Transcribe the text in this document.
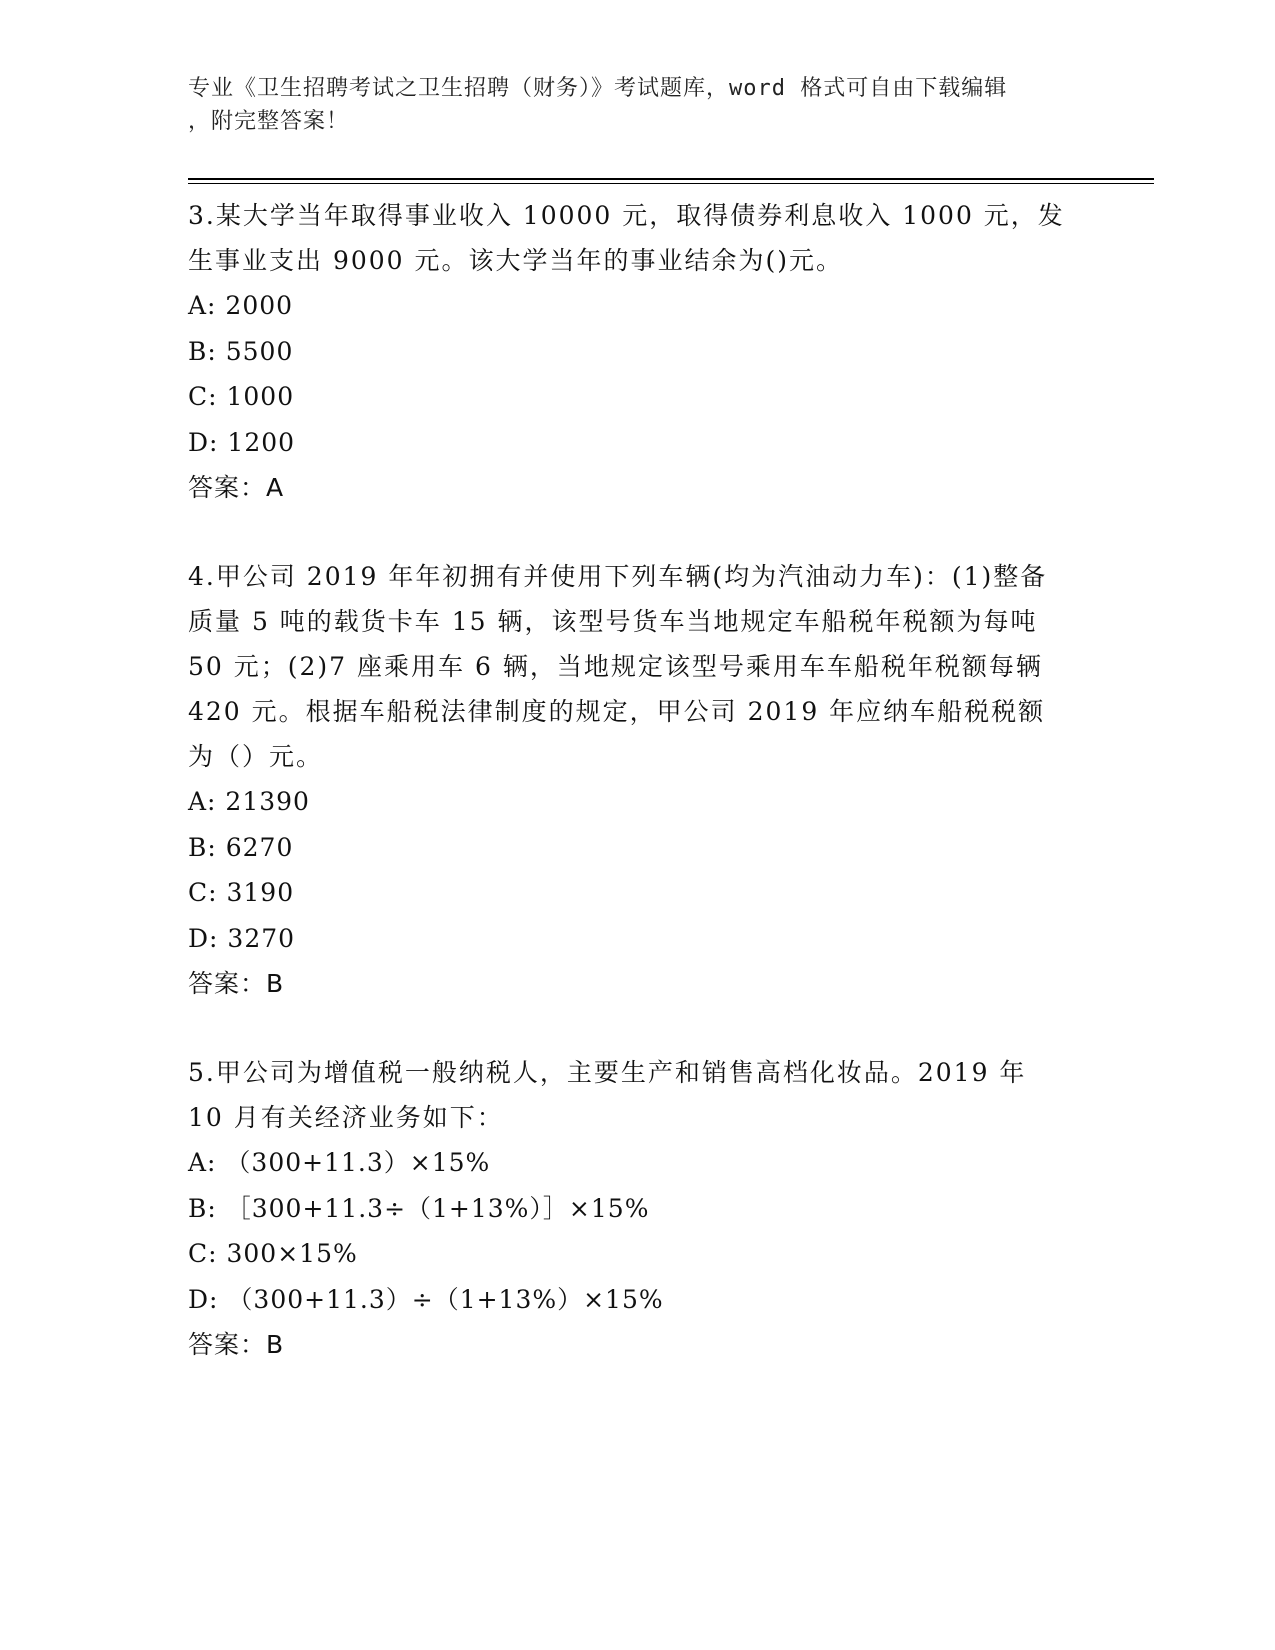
专业《卫生招聘考试之卫生招聘（财务）》考试题库，word 格式可自由下载编辑
，附完整答案！
3.某大学当年取得事业收入 10000 元，取得债券利息收入 1000 元，发生事业支出 9000 元。该大学当年的事业结余为()元。
A: 2000
B: 5500
C: 1000
D: 1200
答案：A
4.甲公司 2019 年年初拥有并使用下列车辆(均为汽油动力车)：(1)整备质量 5 吨的载货卡车 15 辆，该型号货车当地规定车船税年税额为每吨 50 元；(2)7 座乘用车 6 辆，当地规定该型号乘用车车船税年税额每辆 420 元。根据车船税法律制度的规定，甲公司 2019 年应纳车船税税额为（）元。
A: 21390
B: 6270
C: 3190
D: 3270
答案：B
5.甲公司为增值税一般纳税人，主要生产和销售高档化妆品。2019 年 10 月有关经济业务如下：
A: （300+11.3）×15%
B: ［300+11.3÷（1+13%）］×15%
C: 300×15%
D: （300+11.3）÷（1+13%）×15%
答案：B
